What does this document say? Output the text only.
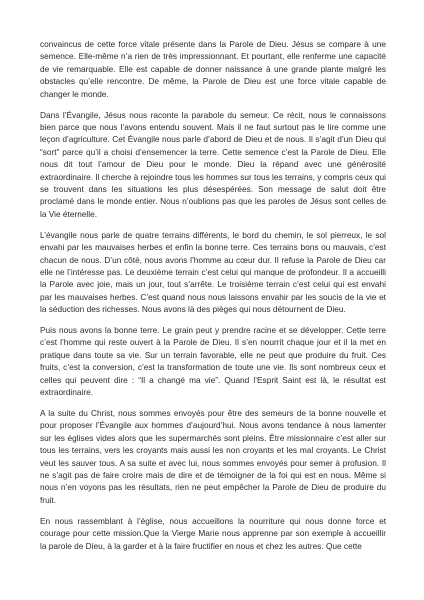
convaincus de cette force vitale présente dans la Parole de Dieu. Jésus se compare à une semence. Elle-même n’a rien de très impressionnant. Et pourtant, elle renferme une capacité de vie remarquable. Elle est capable de donner naissance à une grande plante malgré les obstacles qu’elle rencontre. De même, la Parole de Dieu est une force vitale capable de changer le monde.

Dans l’Évangile, Jésus nous raconte la parabole du semeur. Ce récit, nous le connaissons bien parce que nous l’avons entendu souvent. Mais il ne faut surtout pas le lire comme une leçon d’agriculture. Cet Évangile nous parle d’abord de Dieu et de nous. Il s’agit d’un Dieu qui “sort” parce qu’il a choisi d’ensemencer la terre. Cette semence c’est la Parole de Dieu. Elle nous dit tout l’amour de Dieu pour le monde. Dieu la répand avec une générosité extraordinaire. Il cherche à rejoindre tous les hommes sur tous les terrains, y compris ceux qui se trouvent dans les situations les plus désespérées. Son message de salut doit être proclamé dans le monde entier. Nous n’oublions pas que les paroles de Jésus sont celles de la Vie éternelle.

L’évangile nous parle de quatre terrains différents, le bord du chemin, le sol pierreux, le sol envahi par les mauvaises herbes et enfin la bonne terre. Ces terrains bons ou mauvais, c’est chacun de nous. D’un côté, nous avons l’homme au cœur dur. Il refuse la Parole de Dieu car elle ne l’intéresse pas. Le deuxième terrain c’est celui qui manque de profondeur. Il a accueilli la Parole avec joie, mais un jour, tout s’arrête. Le troisième terrain c’est celui qui est envahi par les mauvaises herbes. C’est quand nous nous laissons envahir par les soucis de la vie et la séduction des richesses. Nous avons là des pièges qui nous détournent de Dieu.

Puis nous avons la bonne terre. Le grain peut y prendre racine et se développer. Cette terre c’est l’homme qui reste ouvert à la Parole de Dieu. Il s’en nourrit chaque jour et il la met en pratique dans toute sa vie. Sur un terrain favorable, elle ne peut que produire du fruit. Ces fruits, c’est la conversion, c’est la transformation de toute une vie. Ils sont nombreux ceux et celles qui peuvent dire : “Il a changé ma vie”. Quand l’Esprit Saint est là, le résultat est extraordinaire.

A la suite du Christ, nous sommes envoyés pour être des semeurs de la bonne nouvelle et pour proposer l’Évangile aux hommes d’aujourd’hui. Nous avons tendance à nous lamenter sur les églises vides alors que les supermarchés sont pleins. Être missionnaire c’est aller sur tous les terrains, vers les croyants mais aussi les non croyants et les mal croyants. Le Christ veut les sauver tous. A sa suite et avec lui, nous sommes envoyés pour semer à profusion. Il ne s’agit pas de faire croire mais de dire et de témoigner de la foi qui est en nous. Même si nous n’en voyons pas les résultats, rien ne peut empêcher la Parole de Dieu de produire du fruit.

En nous rassemblant à l’église, nous accueillons la nourriture qui nous donne force et courage pour cette mission.Que la Vierge Marie nous apprenne par son exemple à accueillir la parole de Dieu, à la garder et à la faire fructifier en nous et chez les autres. Que cette
